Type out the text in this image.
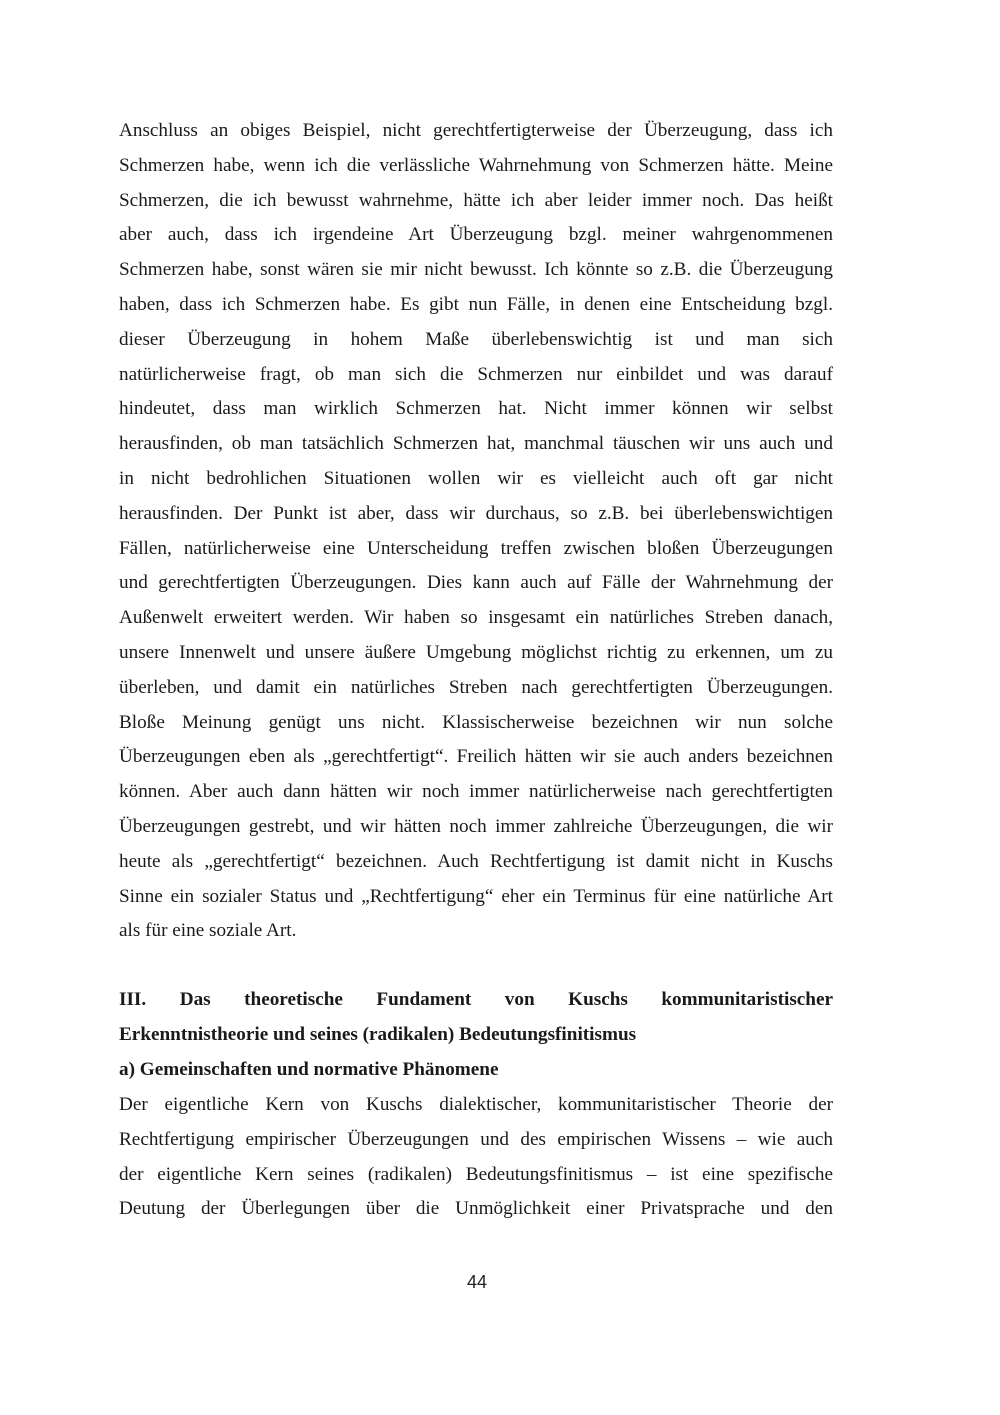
Anschluss an obiges Beispiel, nicht gerechtfertigterweise der Überzeugung, dass ich
Schmerzen habe, wenn ich die verlässliche Wahrnehmung von Schmerzen hätte. Meine
Schmerzen, die ich bewusst wahrnehme, hätte ich aber leider immer noch. Das heißt
aber auch, dass ich irgendeine Art Überzeugung bzgl. meiner wahrgenommenen
Schmerzen habe, sonst wären sie mir nicht bewusst. Ich könnte so z.B. die Überzeugung
haben, dass ich Schmerzen habe. Es gibt nun Fälle, in denen eine Entscheidung bzgl.
dieser Überzeugung in hohem Maße überlebenswichtig ist und man sich
natürlicherweise fragt, ob man sich die Schmerzen nur einbildet und was darauf
hindeutet, dass man wirklich Schmerzen hat. Nicht immer können wir selbst
herausfinden, ob man tatsächlich Schmerzen hat, manchmal täuschen wir uns auch und
in nicht bedrohlichen Situationen wollen wir es vielleicht auch oft gar nicht
herausfinden. Der Punkt ist aber, dass wir durchaus, so z.B. bei überlebenswichtigen
Fällen, natürlicherweise eine Unterscheidung treffen zwischen bloßen Überzeugungen
und gerechtfertigten Überzeugungen. Dies kann auch auf Fälle der Wahrnehmung der
Außenwelt erweitert werden. Wir haben so insgesamt ein natürliches Streben danach,
unsere Innenwelt und unsere äußere Umgebung möglichst richtig zu erkennen, um zu
überleben, und damit ein natürliches Streben nach gerechtfertigten Überzeugungen.
Bloße Meinung genügt uns nicht. Klassischerweise bezeichnen wir nun solche
Überzeugungen eben als „gerechtfertigt“. Freilich hätten wir sie auch anders bezeichnen
können. Aber auch dann hätten wir noch immer natürlicherweise nach gerechtfertigten
Überzeugungen gestrebt, und wir hätten noch immer zahlreiche Überzeugungen, die wir
heute als „gerechtfertigt“ bezeichnen. Auch Rechtfertigung ist damit nicht in Kuschs
Sinne ein sozialer Status und „Rechtfertigung“ eher ein Terminus für eine natürliche Art
als für eine soziale Art.
III. Das theoretische Fundament von Kuschs kommunitaristischer
Erkenntnistheorie und seines (radikalen) Bedeutungsfinitismus
a) Gemeinschaften und normative Phänomene
Der eigentliche Kern von Kuschs dialektischer, kommunitaristischer Theorie der
Rechtfertigung empirischer Überzeugungen und des empirischen Wissens – wie auch
der eigentliche Kern seines (radikalen) Bedeutungsfinitismus – ist eine spezifische
Deutung der Überlegungen über die Unmöglichkeit einer Privatsprache und den
44
